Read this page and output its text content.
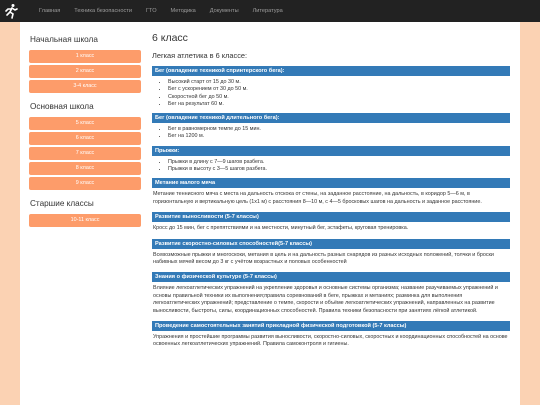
Главная	Техника безопасности	ГТО	Методика	Документы	Литература
Начальная школа
1 класс
2 класс
3-4 класс
Основная школа
5 класс
6 класс
7 класс
8 класс
9 класс
Старшие классы
10-11 класс
6 класс
Легкая атлетика в 6 классе:
Бег (овладение техникой спринтерского бега):
• Высокий старт от 15 до 30 м.
• Бег с ускорением от 30 до 50 м.
• Скоростной бег до 50 м.
• Бег на результат 60 м.
Бег (овладение техникой длительного бега):
• Бег в равномерном темпе до 15 мин.
• Бег на 1200 м.
Прыжки:
• Прыжки в длину с 7—9 шагов разбега.
• Прыжки в высоту с 3—5 шагов разбега.
Метание малого мяча

Метание теннисного мяча с места на дальность отскока от стены, на заданное расстояние, на дальность, в коридор 5—6 м, в горизонтальную и вертикальную цель (1x1 м) с расстояния 8—10 м, с 4—5 бросковых шагов на дальность и заданное расстояние.

Развитие выносливости (5-7 классы)

Кросс до 15 мин, бег с препятствиями и на местности, минутный бег, эстафеты, круговая тренировка.

Развитие скоростно-силовых способностей(5-7 классы)

Всевозможные прыжки и многоскоки, метания в цель и на дальность разных снарядов из разных исходных положений, толчки и броски набивных мячей весом до 3 кг с учётом возрастных и половых особенностей

Знания о физической культуре (5-7 классы)

Влияние легкоатлетических упражнений на укрепление здоровья и основные системы организма; название разучиваемых упражнений и основы правильной техники их выполнения;правила соревнований в беге, прыжках и метаниях; разминка для выполнения легкоатлетических упражнений; представление о темпе, скорости и объёме легкоатлетических упражнений, направленных на развитие выносливости, быстроты, силы, координационных способностей. Правила техники безопасности при занятиях лёгкой атлетикой.

Проведение самостоятельных занятий прикладной физической подготовкой (5-7 классы)

Упражнения и простейшие программы развития выносливости, скоростно-силовых, скоростных и координационных способностей на основе освоенных легкоатлетических упражнений. Правила самоконтроля и гигиены.
